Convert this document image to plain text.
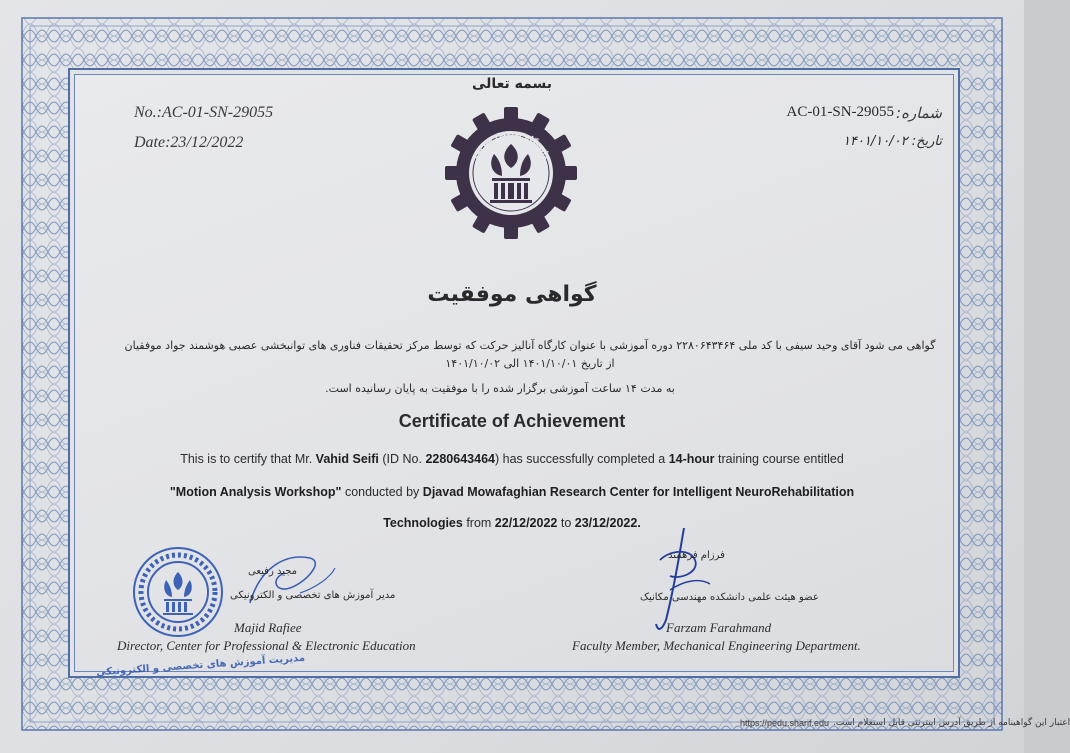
بسمه تعالی
No.:AC-01-SN-29055
Date:23/12/2022
AC-01-SN-29055 شماره:
تاریخ: ۱۴۰۱/۱۰/۰۲
دانشگاه صنعتی شریف
گواهی موفقیت
گواهی می شود آقای وحید سیفی با کد ملی ۲۲۸۰۶۴۳۴۶۴ دوره آموزشی با عنوان کارگاه آنالیز حرکت که توسط مرکز تحقیقات فناوری های توانبخشی عصبی هوشمند جواد موفقیان از تاریخ ۱۴۰۱/۱۰/۰۱ الی ۱۴۰۱/۱۰/۰۲
به مدت ۱۴ ساعت آموزشی برگزار شده را با موفقیت به پایان رسانیده است.
Certificate of Achievement
This is to certify that Mr. Vahid Seifi (ID No. 2280643464) has successfully completed a 14-hour training course entitled
"Motion Analysis Workshop" conducted by Djavad Mowafaghian Research Center for Intelligent NeuroRehabilitation
Technologies from 22/12/2022 to 23/12/2022.
مجید رفیعی
مدیر آموزش های تخصصی و الکترونیکی
Majid Rafiee
Director, Center for Professional & Electronic Education
مدیریت آموزش های تخصصی و الکترونیکی
فرزام فرهمند
عضو هیئت علمی دانشکده مهندسی مکانیک
Farzam Farahmand
Faculty Member, Mechanical Engineering Department.
https://pedu.sharif.edu اعتبار این گواهینامه از طریق آدرس اینترنتی قابل استعلام است.
